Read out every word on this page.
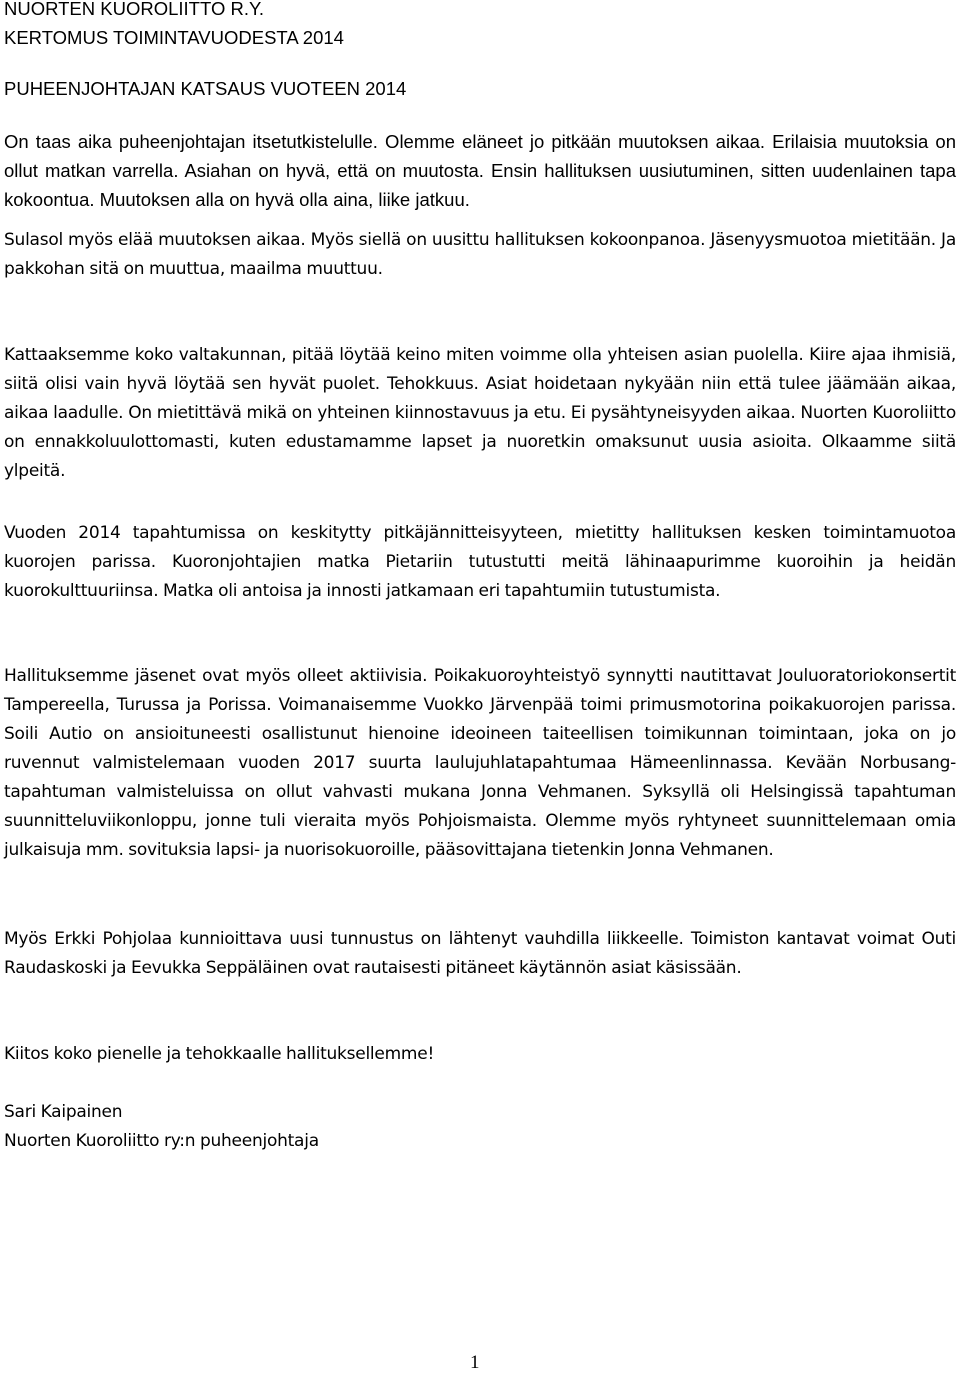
NUORTEN KUOROLIITTO R.Y.

KERTOMUS TOIMINTAVUODESTA 2014

PUHEENJOHTAJAN KATSAUS VUOTEEN 2014

On taas aika puheenjohtajan itsetutkistelulle. Olemme eläneet jo pitkään muutoksen aikaa. Erilaisia muutoksia on ollut matkan varrella. Asiahan on hyvä, että on muutosta. Ensin hallituksen uusiutuminen, sitten uudenlainen tapa kokoontua. Muutoksen alla on hyvä olla aina, liike jatkuu.

Sulasol myös elää muutoksen aikaa. Myös siellä on uusittu hallituksen kokoonpanoa. Jäsenyysmuotoa mietitään. Ja pakkohan sitä on muuttua, maailma muuttuu.

Kattaaksemme koko valtakunnan, pitää löytää keino miten voimme olla yhteisen asian puolella. Kiire ajaa ihmisiä, siitä olisi vain hyvä löytää sen hyvät puolet. Tehokkuus. Asiat hoidetaan nykyään niin että tulee jäämään aikaa, aikaa laadulle. On mietittävä mikä on yhteinen kiinnostavuus ja etu. Ei pysähtyneisyyden aikaa. Nuorten Kuoroliitto on ennakkoluulottomasti, kuten edustamamme lapset ja nuoretkin omaksunut uusia asioita. Olkaamme siitä ylpeitä.

Vuoden 2014 tapahtumissa on keskitytty pitkäjännitteisyyteen, mietitty hallituksen kesken toimintamuotoa kuorojen parissa. Kuoronjohtajien matka Pietariin tutustutti meitä lähinaapurimme kuoroihin ja heidän kuorokulttuuriinsa. Matka oli antoisa ja innosti jatkamaan eri tapahtumiin tutustumista.

Hallituksemme jäsenet ovat myös olleet aktiivisia. Poikakuoroyhteistyö synnytti nautittavat Jouluoratoriokonsertit Tampereella, Turussa ja Porissa. Voimanaisemme Vuokko Järvenpää toimi primusmotorina poikakuorojen parissa. Soili Autio on ansioituneesti osallistunut hienoine ideoineen taiteellisen toimikunnan toimintaan, joka on jo ruvennut valmistelemaan vuoden 2017 suurta laulujuhlatapahtumaa Hämeenlinnassa. Kevään Norbusang-tapahtuman valmisteluissa on ollut vahvasti mukana Jonna Vehmanen. Syksyllä oli Helsingissä tapahtuman suunnitteluviikonloppu, jonne tuli vieraita myös Pohjoismaista. Olemme myös ryhtyneet suunnittelemaan omia julkaisuja mm. sovituksia lapsi- ja nuorisokuoroille, pääsovittajana tietenkin Jonna Vehmanen.

Myös Erkki Pohjolaa kunnioittava uusi tunnustus on lähtenyt vauhdilla liikkeelle. Toimiston kantavat voimat Outi Raudaskoski ja Eevukka Seppäläinen ovat rautaisesti pitäneet käytännön asiat käsissään.

Kiitos koko pienelle ja tehokkaalle hallituksellemme!

Sari Kaipainen
Nuorten Kuoroliitto ry:n puheenjohtaja

1
